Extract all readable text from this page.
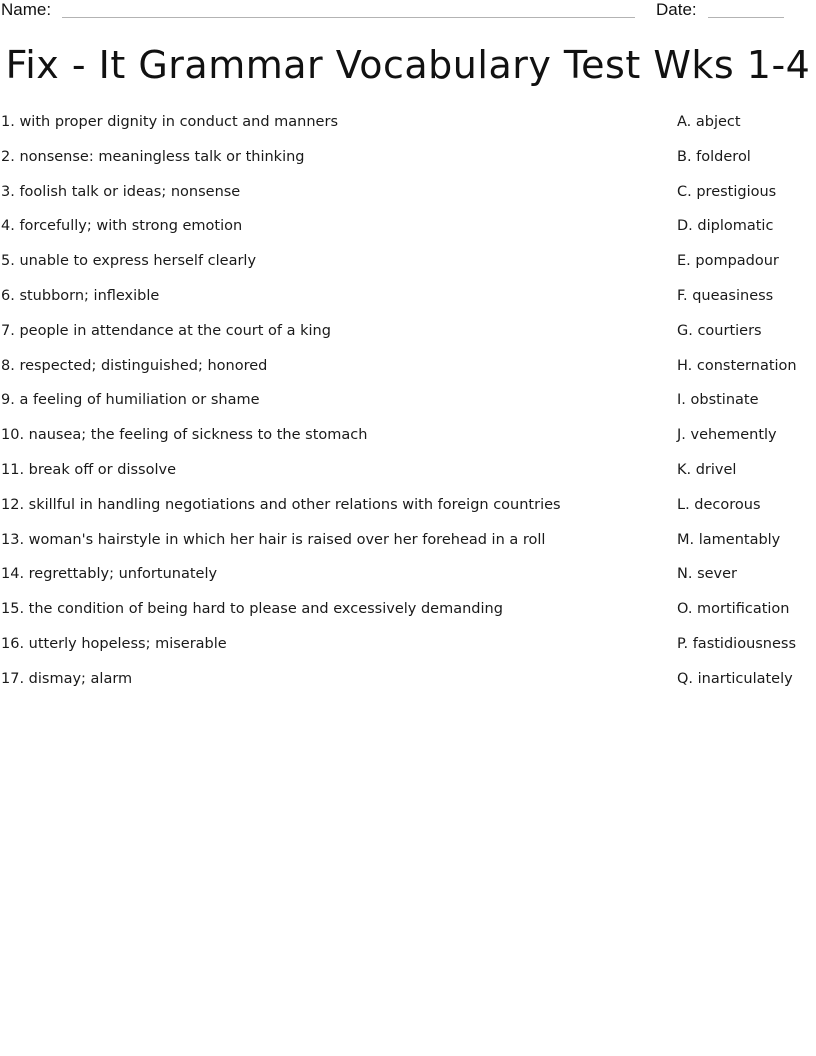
Name:	Date:
Fix - It Grammar Vocabulary Test Wks 1-4
1. with proper dignity in conduct and manners
2. nonsense: meaningless talk or thinking
3. foolish talk or ideas; nonsense
4. forcefully; with strong emotion
5. unable to express herself clearly
6. stubborn; inflexible
7. people in attendance at the court of a king
8. respected; distinguished; honored
9. a feeling of humiliation or shame
10. nausea; the feeling of sickness to the stomach
11. break off or dissolve
12. skillful in handling negotiations and other relations with foreign countries
13. woman's hairstyle in which her hair is raised over her forehead in a roll
14. regrettably; unfortunately
15. the condition of being hard to please and excessively demanding
16. utterly hopeless; miserable
17. dismay; alarm
A. abject
B. folderol
C. prestigious
D. diplomatic
E. pompadour
F. queasiness
G. courtiers
H. consternation
I. obstinate
J. vehemently
K. drivel
L. decorous
M. lamentably
N. sever
O. mortification
P. fastidiousness
Q. inarticulately
